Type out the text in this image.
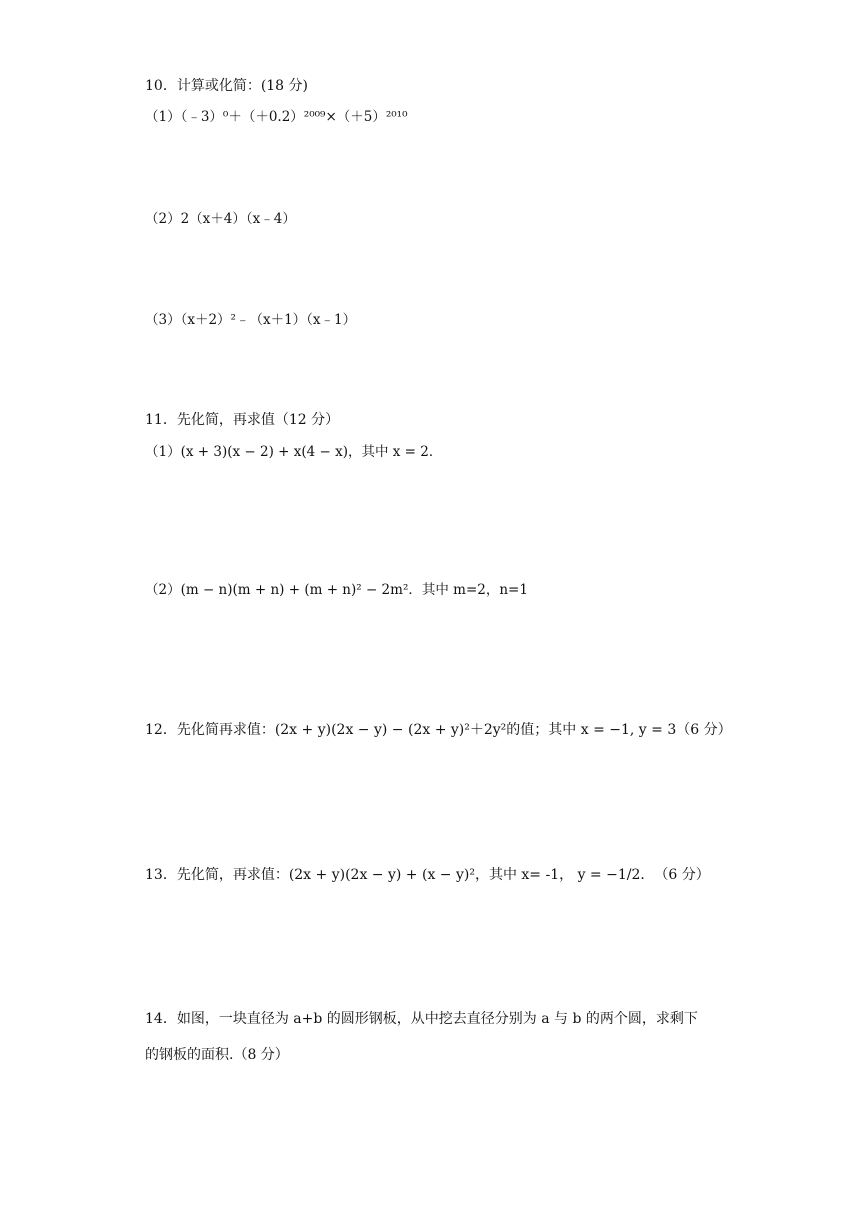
10．计算或化简：(18 分)
（1）（﹣3）⁰＋（＋0.2）²⁰⁰⁹×（＋5）²⁰¹⁰
（2）2（x＋4）（x﹣4）
（3）（x＋2）²﹣（x＋1）（x﹣1）
11．先化简，再求值（12 分）
（1）(x + 3)(x − 2) + x(4 − x)，其中 x = 2．
（2）(m − n)(m + n) + (m + n)² − 2m²．其中 m=2，n=1
12．先化简再求值：(2x + y)(2x − y) − (2x + y)²＋2y²的值；其中 x = −1, y = 3（6 分）
13．先化简，再求值：(2x + y)(2x − y) + (x − y)²，其中 x= -1， y = −1/2．　（6 分）
14．如图，一块直径为 a+b 的圆形钢板，从中挖去直径分别为 a 与 b 的两个圆，求剩下
的钢板的面积.（8 分）
